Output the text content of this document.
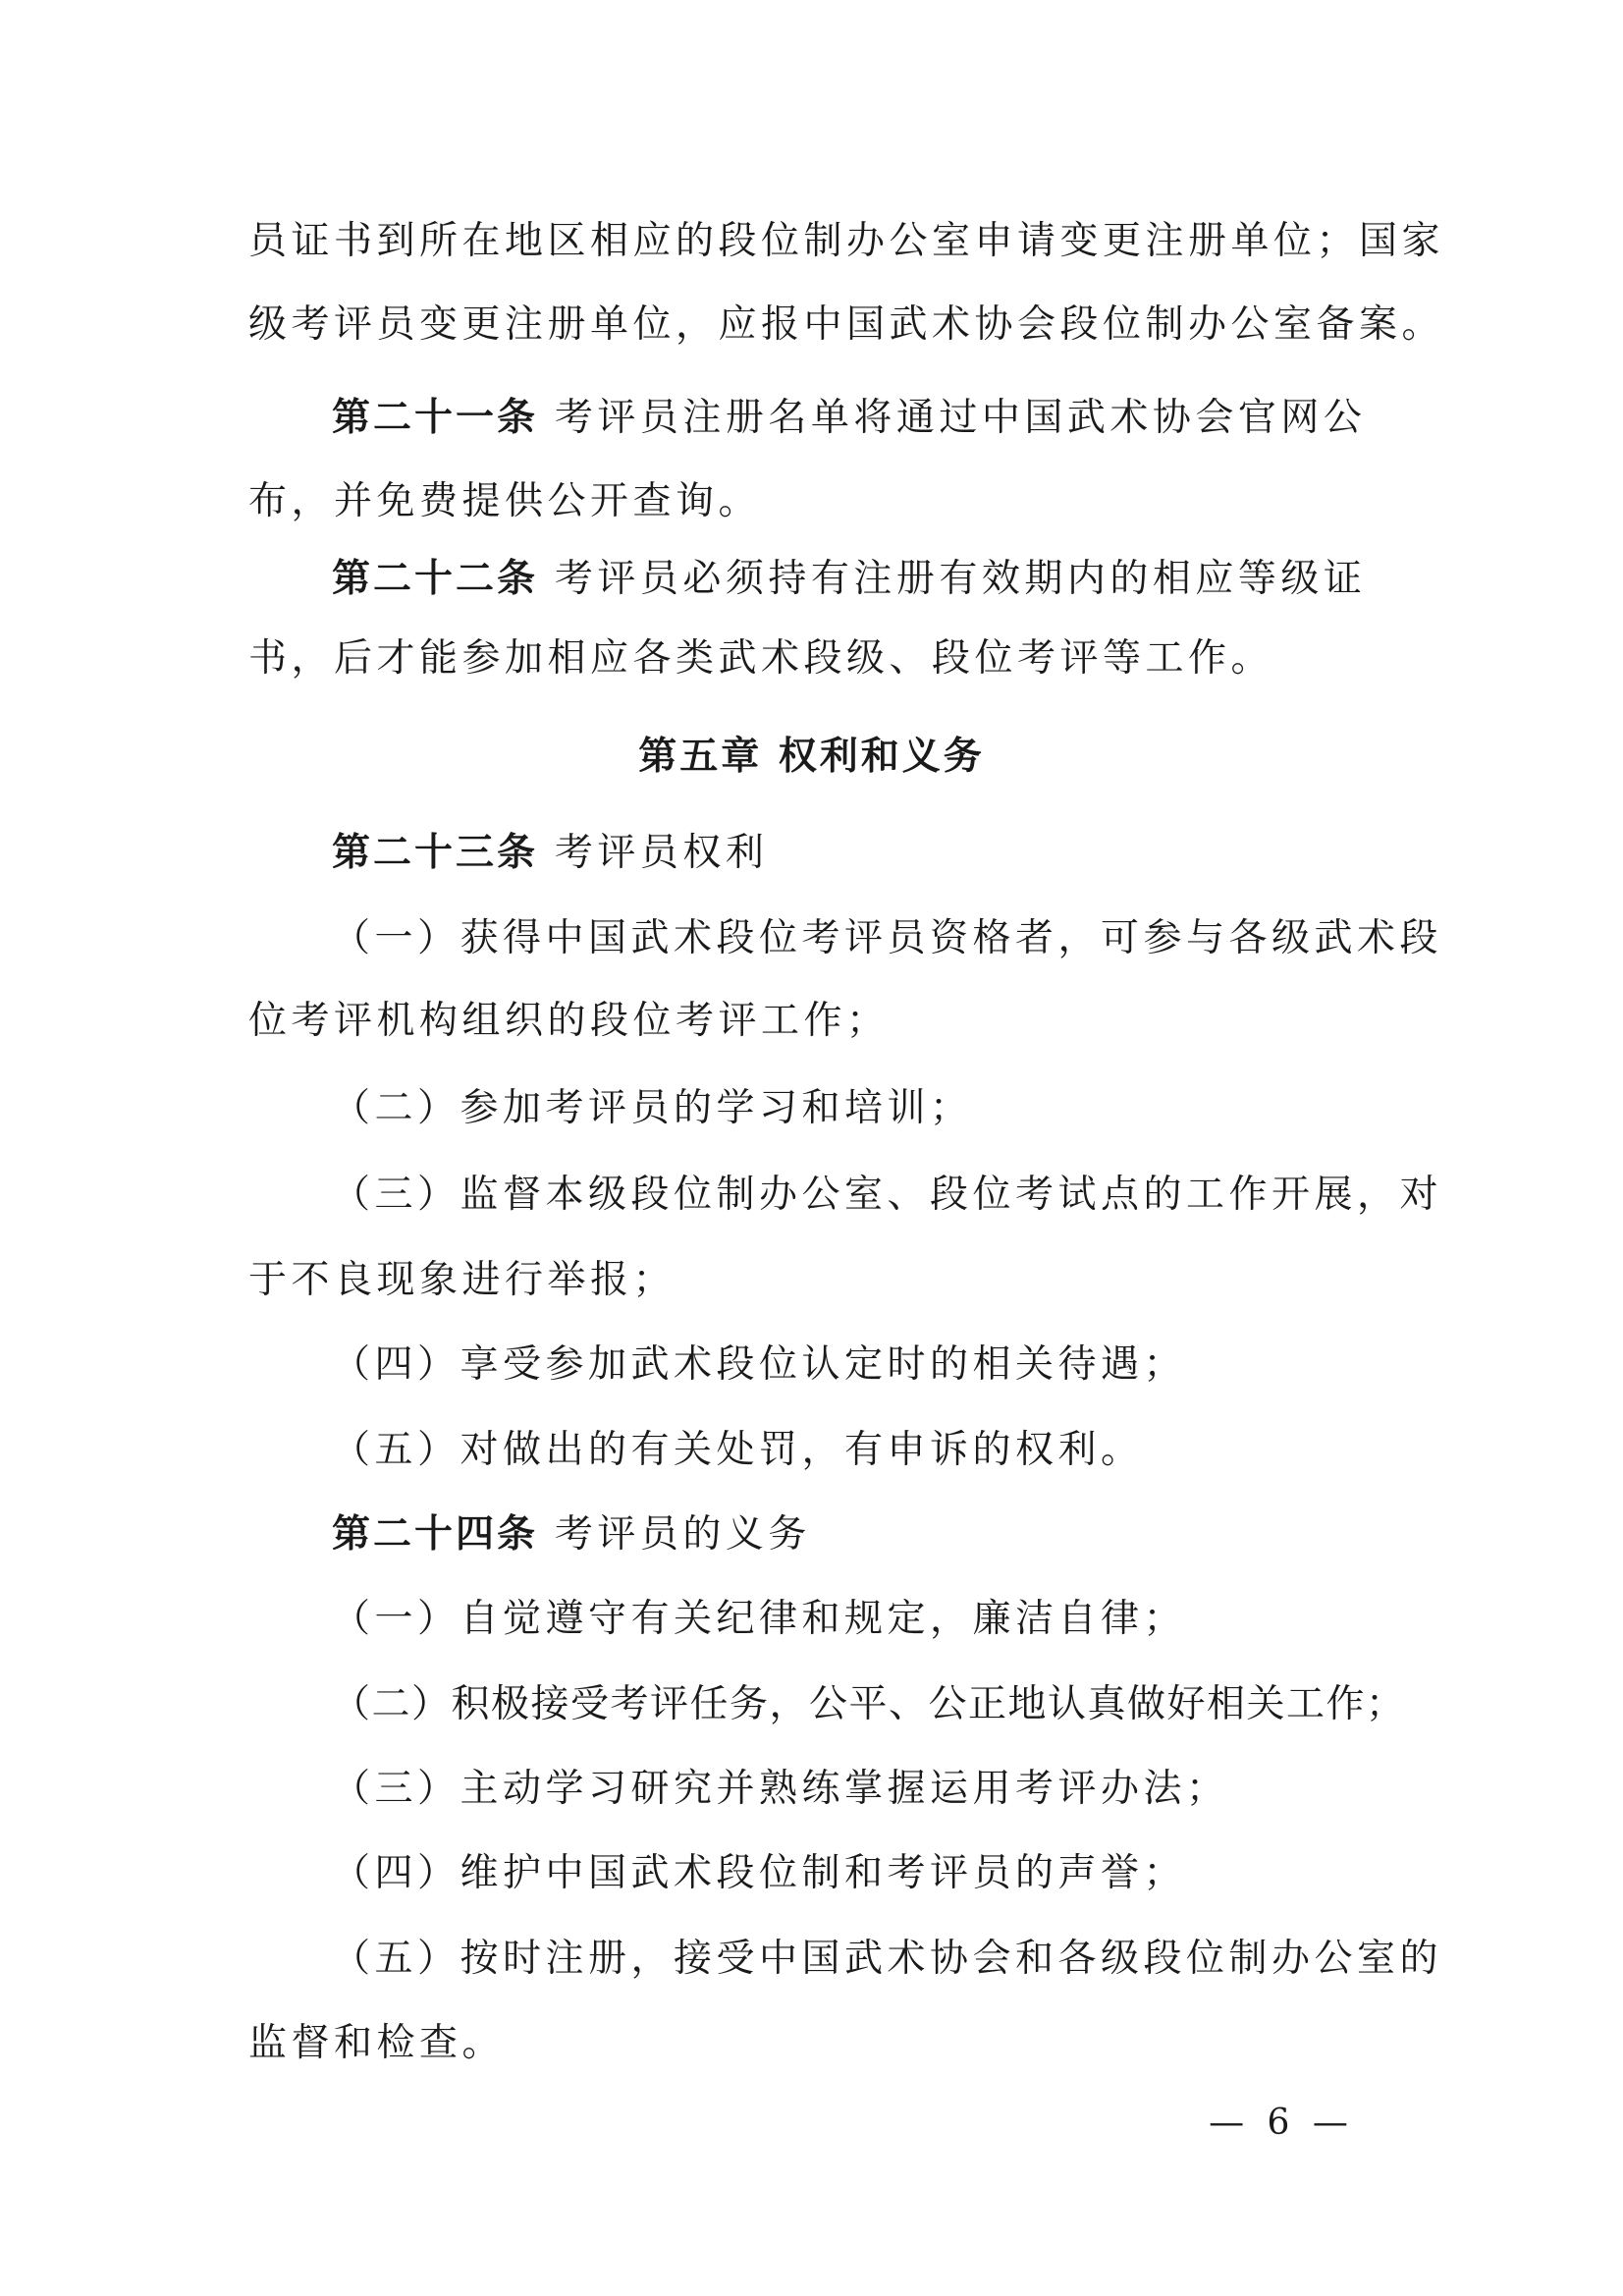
员证书到所在地区相应的段位制办公室申请变更注册单位；国家
级考评员变更注册单位，应报中国武术协会段位制办公室备案。
第二十一条 考评员注册名单将通过中国武术协会官网公
布，并免费提供公开查询。
第二十二条 考评员必须持有注册有效期内的相应等级证
书，后才能参加相应各类武术段级、段位考评等工作。
第五章 权利和义务
第二十三条 考评员权利
（一）获得中国武术段位考评员资格者，可参与各级武术段
位考评机构组织的段位考评工作；
（二）参加考评员的学习和培训；
（三）监督本级段位制办公室、段位考试点的工作开展，对
于不良现象进行举报；
（四）享受参加武术段位认定时的相关待遇；
（五）对做出的有关处罚，有申诉的权利。
第二十四条 考评员的义务
（一）自觉遵守有关纪律和规定，廉洁自律；
（二）积极接受考评任务，公平、公正地认真做好相关工作；
（三）主动学习研究并熟练掌握运用考评办法；
（四）维护中国武术段位制和考评员的声誉；
（五）按时注册，接受中国武术协会和各级段位制办公室的
监督和检查。
— 6 —
